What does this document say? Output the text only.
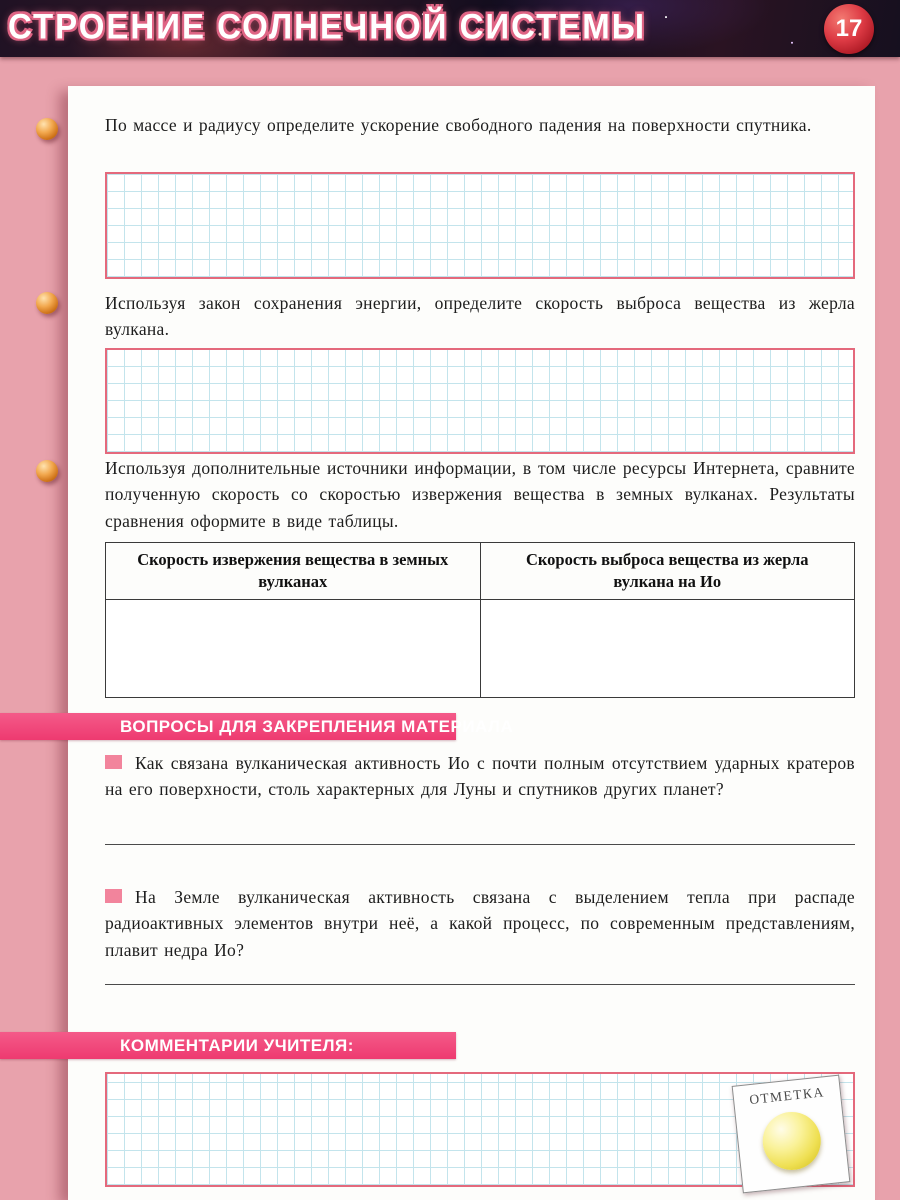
СТРОЕНИЕ СОЛНЕЧНОЙ СИСТЕМЫ	17
По массе и радиусу определите ускорение свободного падения на поверхности спутника.
Используя закон сохранения энергии, определите скорость выброса вещества из жерла вулкана.
Используя дополнительные источники информации, в том числе ресурсы Интернета, сравните полученную скорость со скоростью извержения вещества в земных вулканах. Результаты сравнения оформите в виде таблицы.
Скорость извержения вещества в земных вулканах	Скорость выброса вещества из жерла вулкана на Ио

Как связана вулканическая активность Ио с почти полным отсутствием ударных кратеров на его поверхности, столь характерных для Луны и спутников других планет?
На Земле вулканическая активность связана с выделением тепла при распаде радиоактивных элементов внутри неё, а какой процесс, по современным представлениям, плавит недра Ио?
ВОПРОСЫ ДЛЯ ЗАКРЕПЛЕНИЯ МАТЕРИАЛА
КОММЕНТАРИИ УЧИТЕЛЯ:
ОТМЕТКА
